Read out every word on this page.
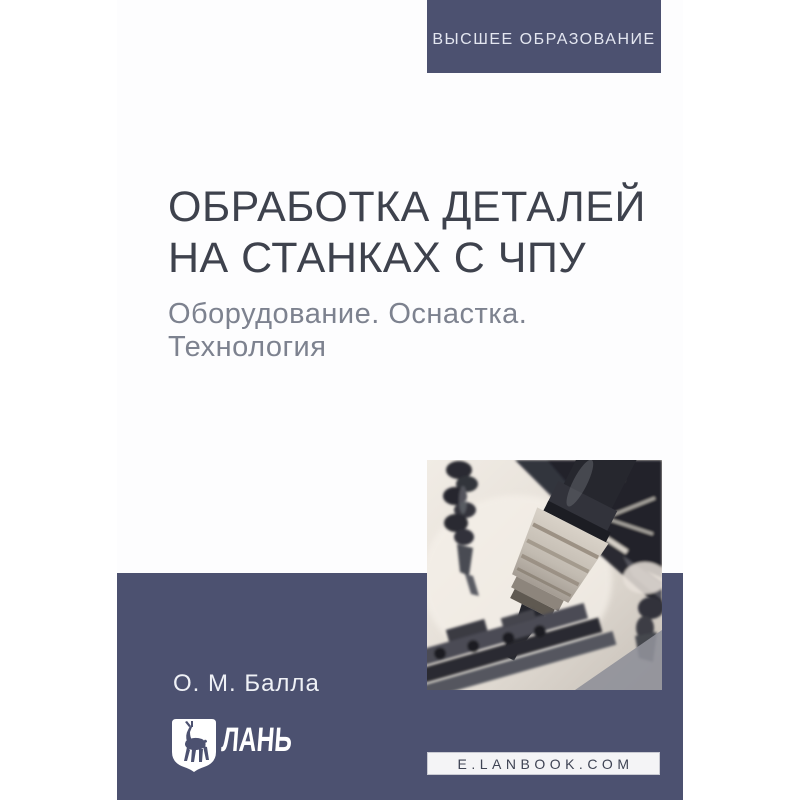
ВЫСШЕЕ ОБРАЗОВАНИЕ
ОБРАБОТКА ДЕТАЛЕЙ
НА СТАНКАХ С ЧПУ
Оборудование. Оснастка.
Технология
О. М. Балла
ЛАНЬ
E.LANBOOK.COM
